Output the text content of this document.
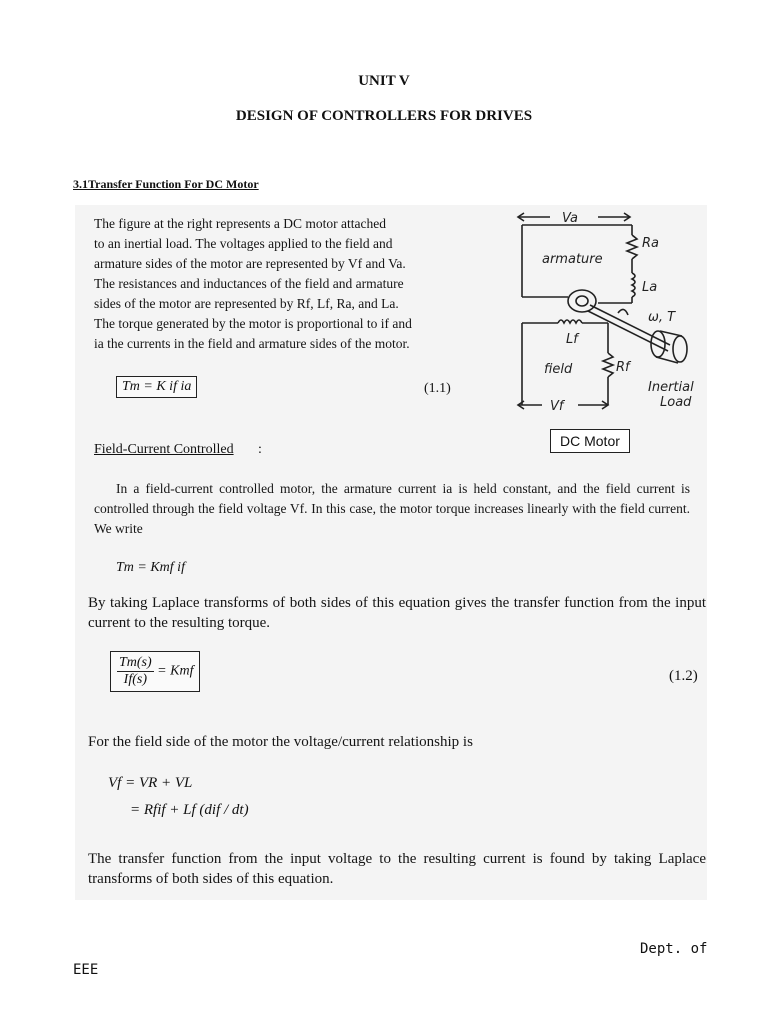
UNIT V
DESIGN OF CONTROLLERS FOR DRIVES
3.1Transfer Function For DC Motor
The figure at the right represents a DC motor attached
to an inertial load. The voltages applied to the field and
armature sides of the motor are represented by Vf and Va.
The resistances and inductances of the field and armature
sides of the motor are represented by Rf, Lf, Ra, and La.
The torque generated by the motor is proportional to if and
ia the currents in the field and armature sides of the motor.
Tm = K if ia	(1.1)
Va
Ra
armature
La
ω, T
Lf
field	Rf
Inertial
Load
Vf
DC Motor
Field-Current Controlled :
In a field-current controlled motor, the armature current ia is held constant, and the field current is controlled through the field voltage Vf. In this case, the motor torque increases linearly with the field current. We write
Tm = Kmf if
By taking Laplace transforms of both sides of this equation gives the transfer function from the input current to the resulting torque.
$\frac{Tm(s)}{If(s)}$ = Kmf	(1.2)
For the field side of the motor the voltage/current relationship is
Vf = VR + VL
= Rfif + Lf (dif / dt)
The transfer function from the input voltage to the resulting current is found by taking Laplace transforms of both sides of this equation.
Dept. of
EEE
